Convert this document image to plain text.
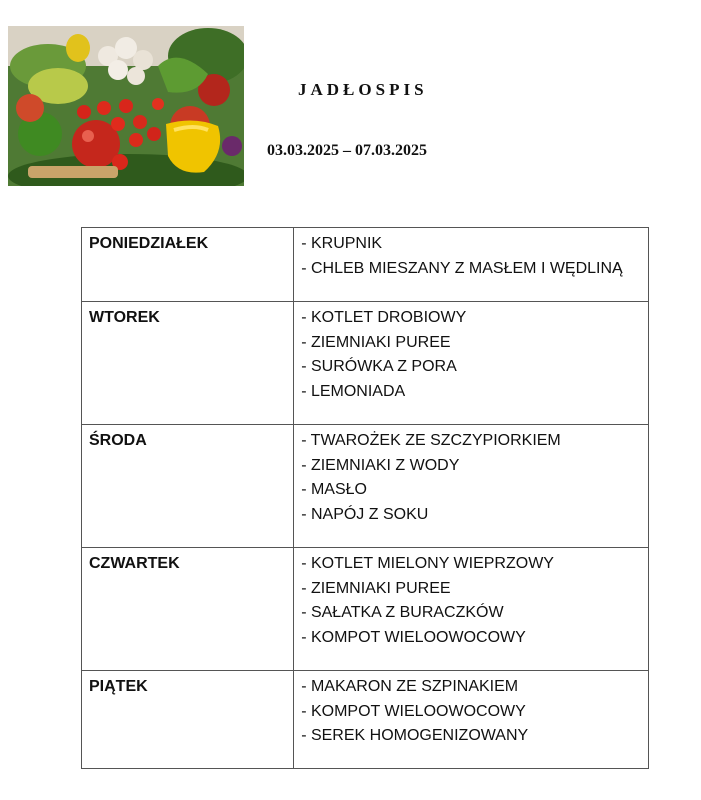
JADŁOSPIS
03.03.2025 – 07.03.2025
PONIEDZIAŁEK	- KRUPNIK
- CHLEB MIESZANY Z MASŁEM I WĘDLINĄ

WTOREK	- KOTLET DROBIOWY
- ZIEMNIAKI PUREE
- SURÓWKA Z PORA
- LEMONIADA

ŚRODA	- TWAROŻEK ZE SZCZYPIORKIEM
- ZIEMNIAKI Z WODY
- MASŁO
- NAPÓJ Z SOKU

CZWARTEK	- KOTLET MIELONY WIEPRZOWY
- ZIEMNIAKI PUREE
- SAŁATKA Z BURACZKÓW
- KOMPOT WIELOOWOCOWY

PIĄTEK	- MAKARON ZE SZPINAKIEM
- KOMPOT WIELOOWOCOWY
- SEREK HOMOGENIZOWANY
